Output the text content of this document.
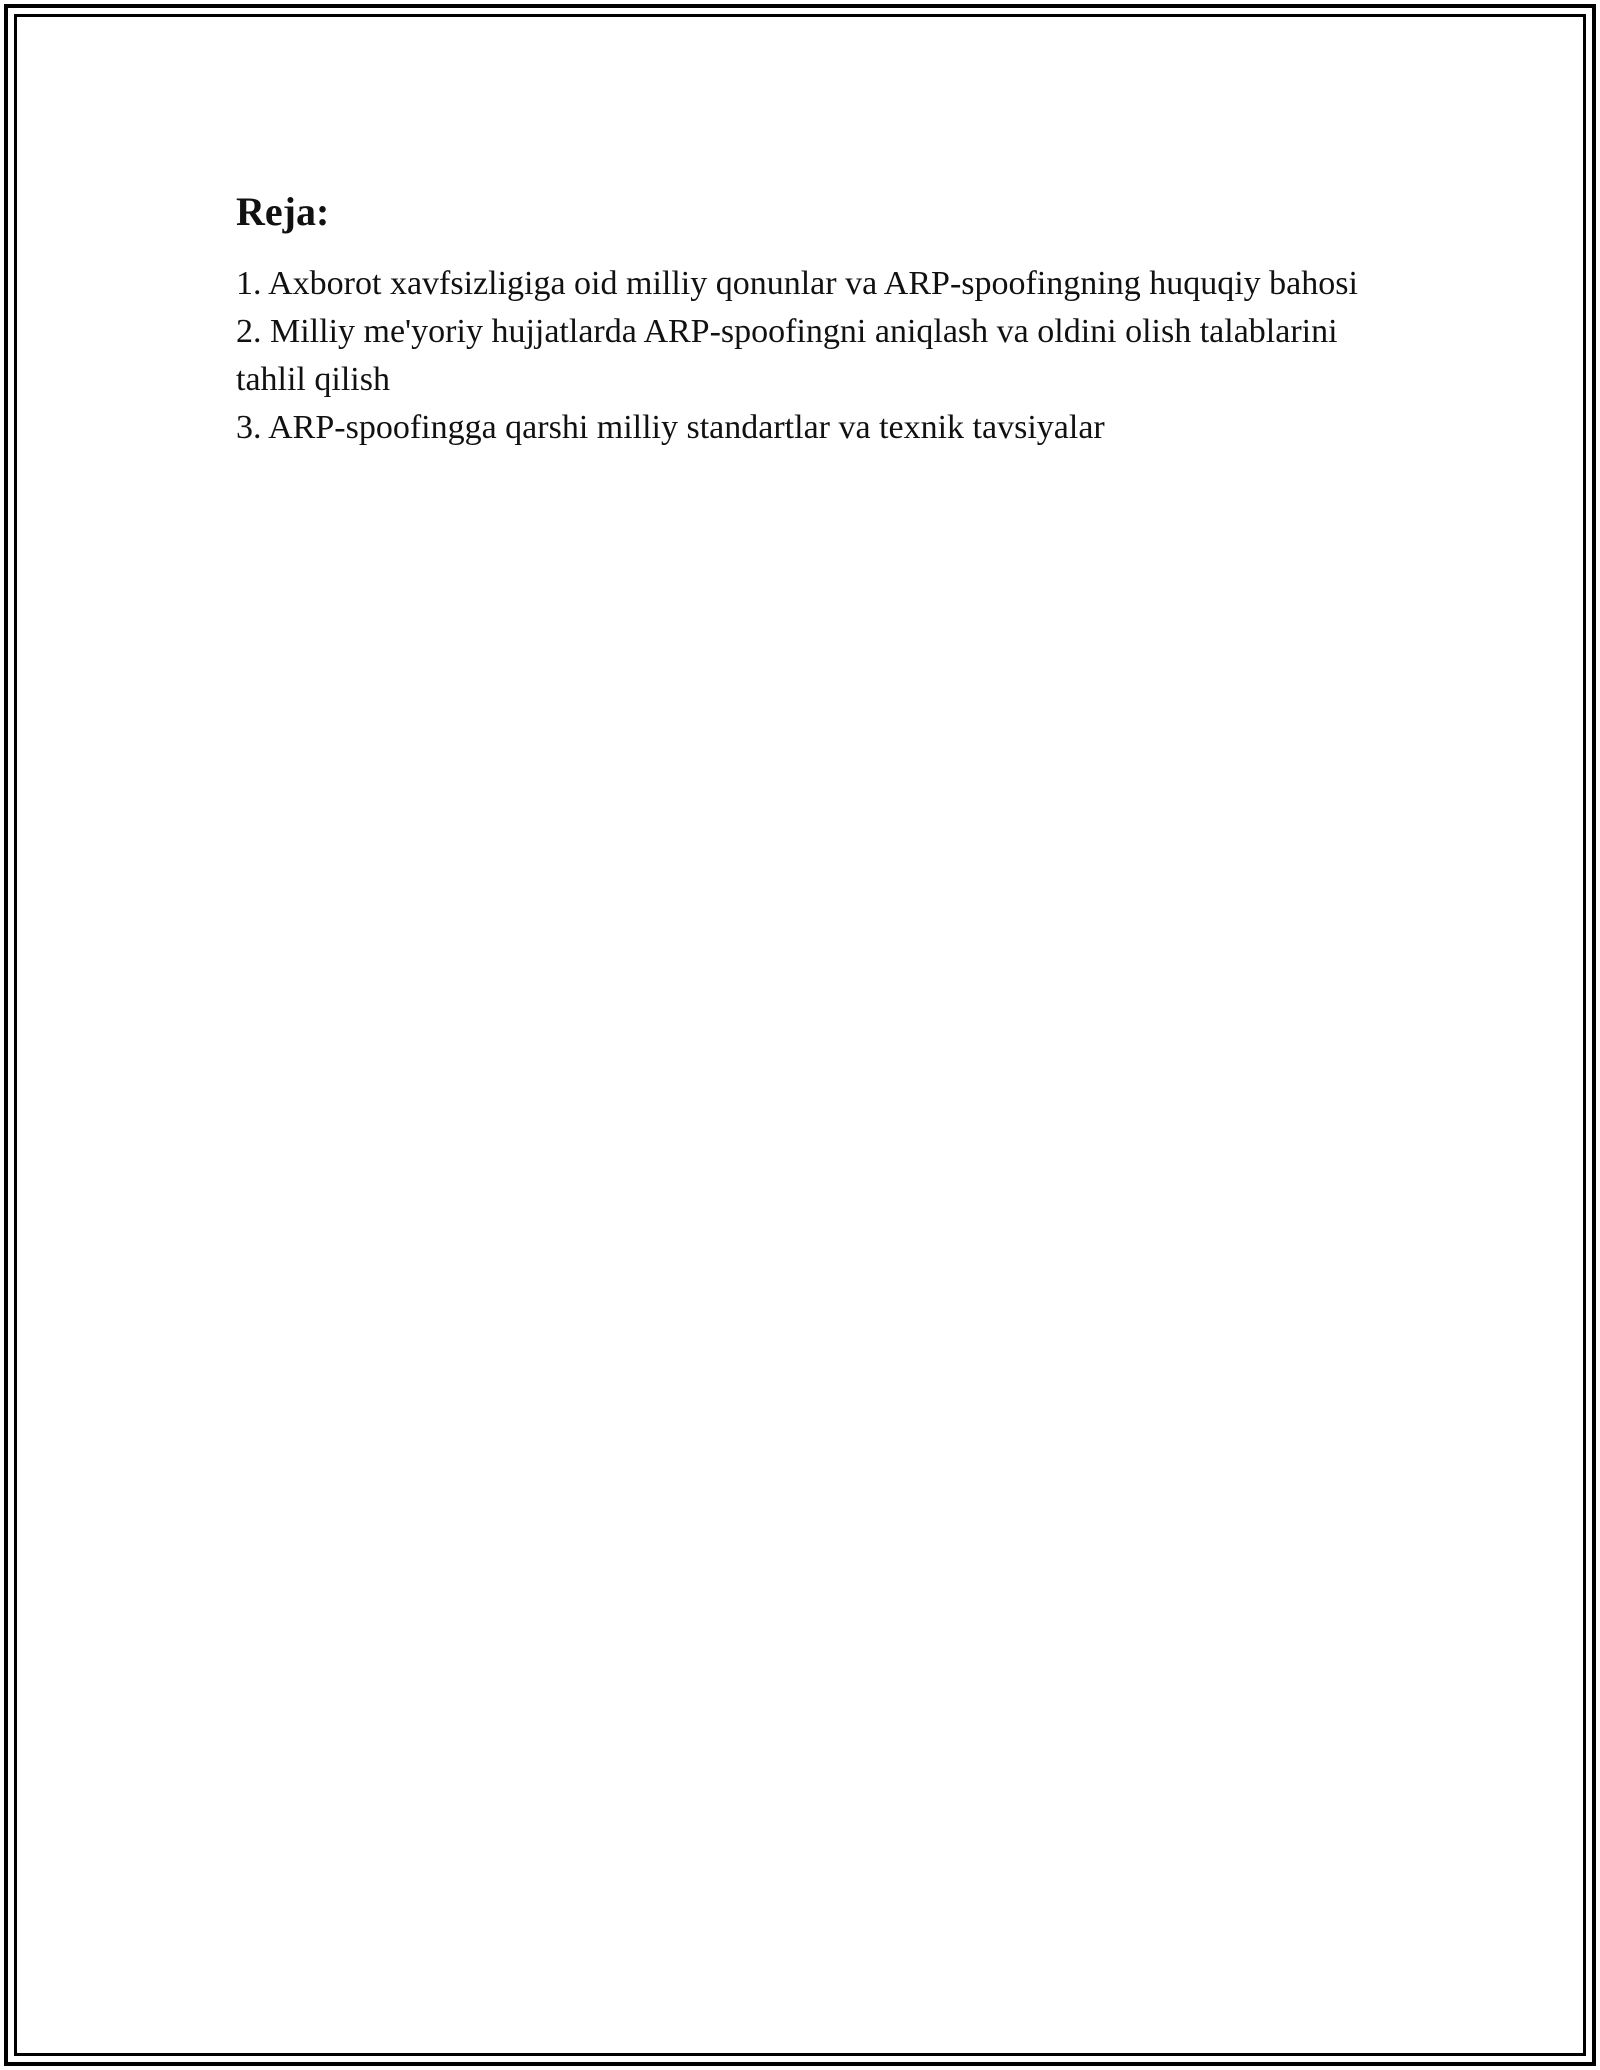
Reja:
1. Axborot xavfsizligiga oid milliy qonunlar va ARP-spoofingning huquqiy bahosi
2. Milliy me'yoriy hujjatlarda ARP-spoofingni aniqlash va oldini olish talablarini tahlil qilish
3. ARP-spoofingga qarshi milliy standartlar va texnik tavsiyalar
